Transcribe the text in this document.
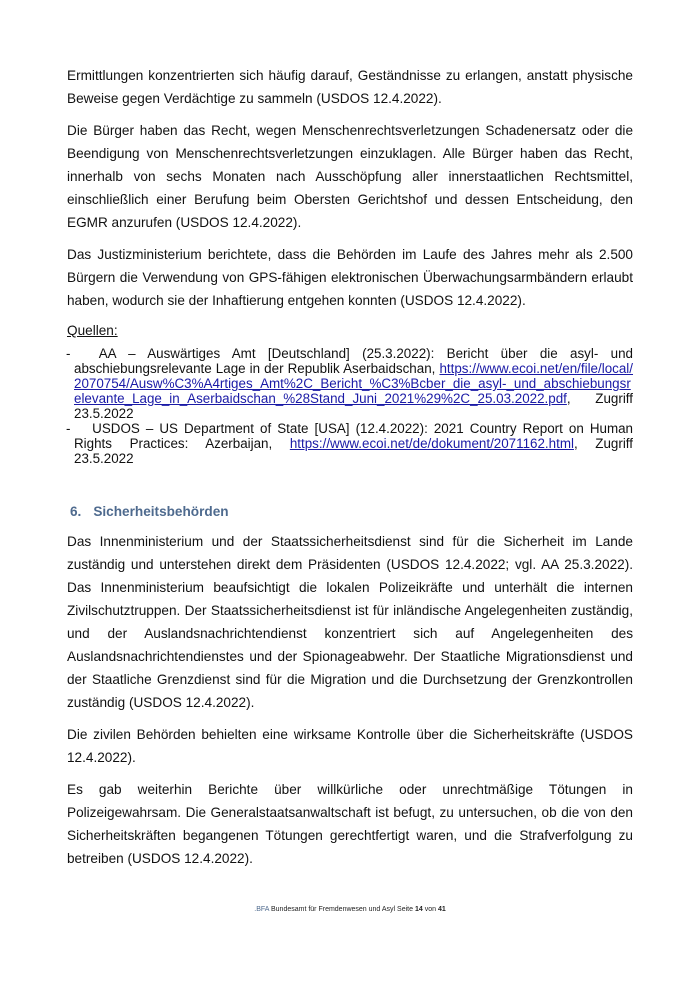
Ermittlungen konzentrierten sich häufig darauf, Geständnisse zu erlangen, anstatt physische Beweise gegen Verdächtige zu sammeln (USDOS 12.4.2022).

Die Bürger haben das Recht, wegen Menschenrechtsverletzungen Schadenersatz oder die Beendigung von Menschenrechtsverletzungen einzuklagen. Alle Bürger haben das Recht, innerhalb von sechs Monaten nach Ausschöpfung aller innerstaatlichen Rechtsmittel, einschließlich einer Berufung beim Obersten Gerichtshof und dessen Entscheidung, den EGMR anzurufen (USDOS 12.4.2022).

Das Justizministerium berichtete, dass die Behörden im Laufe des Jahres mehr als 2.500 Bürgern die Verwendung von GPS-fähigen elektronischen Überwachungsarmbändern erlaubt haben, wodurch sie der Inhaftierung entgehen konnten (USDOS 12.4.2022).

Quellen:
- AA – Auswärtiges Amt [Deutschland] (25.3.2022): Bericht über die asyl- und abschiebungsrelevante Lage in der Republik Aserbaidschan, https://www.ecoi.net/en/file/local/2070754/Ausw%C3%A4rtiges_Amt%2C_Bericht_%C3%Bcber_die_asyl-_und_abschiebungsrelevante_Lage_in_Aserbaidschan_%28Stand_Juni_2021%29%2C_25.03.2022.pdf, Zugriff 23.5.2022
- USDOS – US Department of State [USA] (12.4.2022): 2021 Country Report on Human Rights Practices: Azerbaijan, https://www.ecoi.net/de/dokument/2071162.html, Zugriff 23.5.2022
6. Sicherheitsbehörden

Das Innenministerium und der Staatssicherheitsdienst sind für die Sicherheit im Lande zuständig und unterstehen direkt dem Präsidenten (USDOS 12.4.2022; vgl. AA 25.3.2022). Das Innenministerium beaufsichtigt die lokalen Polizeikräfte und unterhält die internen Zivilschutztruppen. Der Staatssicherheitsdienst ist für inländische Angelegenheiten zuständig, und der Auslandsnachrichtendienst konzentriert sich auf Angelegenheiten des Auslandsnachrichtendienstes und der Spionageabwehr. Der Staatliche Migrationsdienst und der Staatliche Grenzdienst sind für die Migration und die Durchsetzung der Grenzkontrollen zuständig (USDOS 12.4.2022).

Die zivilen Behörden behielten eine wirksame Kontrolle über die Sicherheitskräfte (USDOS 12.4.2022).

Es gab weiterhin Berichte über willkürliche oder unrechtmäßige Tötungen in Polizeigewahrsam. Die Generalstaatsanwaltschaft ist befugt, zu untersuchen, ob die von den Sicherheitskräften begangenen Tötungen gerechtfertigt waren, und die Strafverfolgung zu betreiben (USDOS 12.4.2022).

.BFA Bundesamt für Fremdenwesen und Asyl Seite 14 von 41
